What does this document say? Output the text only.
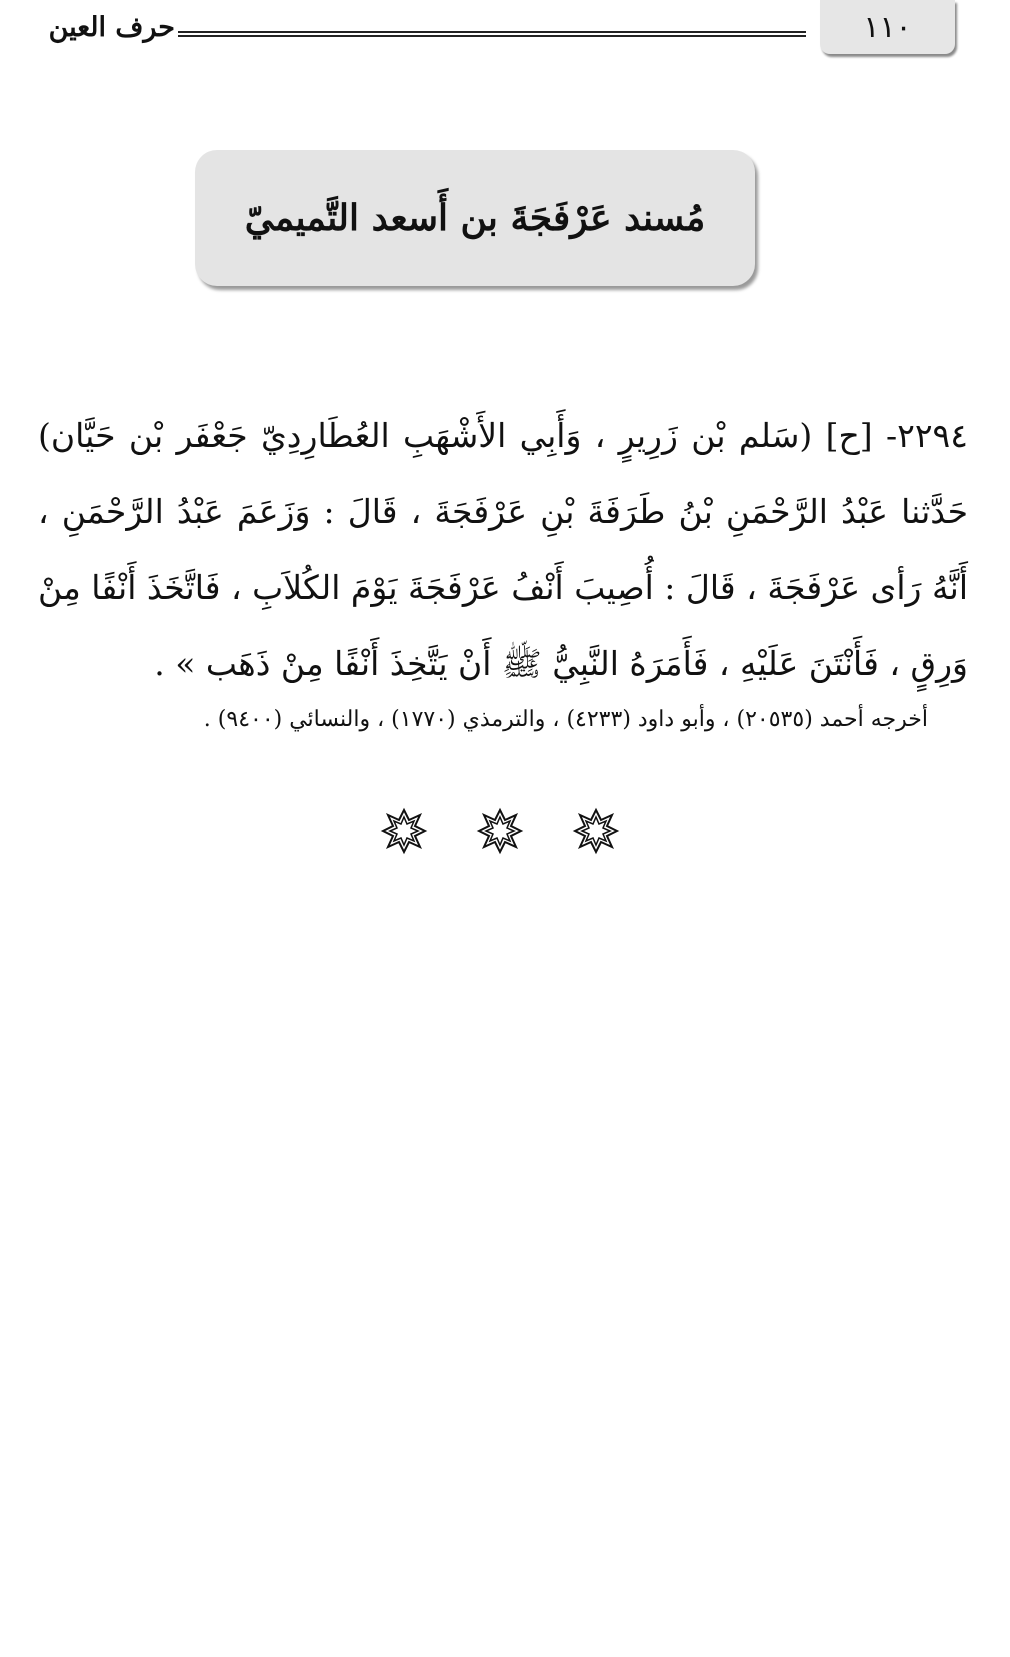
١١٠
حرف العين
مُسند عَرْفَجَةَ بن أَسعد التَّميميّ
٢٢٩٤- [ح] (سَلم بْن زَرِيرٍ ، وَأَبِي الأَشْهَبِ العُطَارِدِيّ جَعْفَر بْن حَيَّان) حَدَّثنا عَبْدُ الرَّحْمَنِ بْنُ طَرَفَةَ بْنِ عَرْفَجَةَ ، قَالَ : وَزَعَمَ عَبْدُ الرَّحْمَنِ ، أَنَّهُ رَأى عَرْفَجَةَ ، قَالَ : أُصِيبَ أَنْفُ عَرْفَجَةَ يَوْمَ الكُلاَبِ ، فَاتَّخَذَ أَنْفًا مِنْ وَرِقٍ ، فَأَنْتَنَ عَلَيْهِ ، فَأَمَرَهُ النَّبِيُّ ﷺ أَنْ يَتَّخِذَ أَنْفًا مِنْ ذَهَب » .
أخرجه أحمد (٢٠٥٣٥) ، وأبو داود (٤٢٣٣) ، والترمذي (١٧٧٠) ، والنسائي (٩٤٠٠) .
